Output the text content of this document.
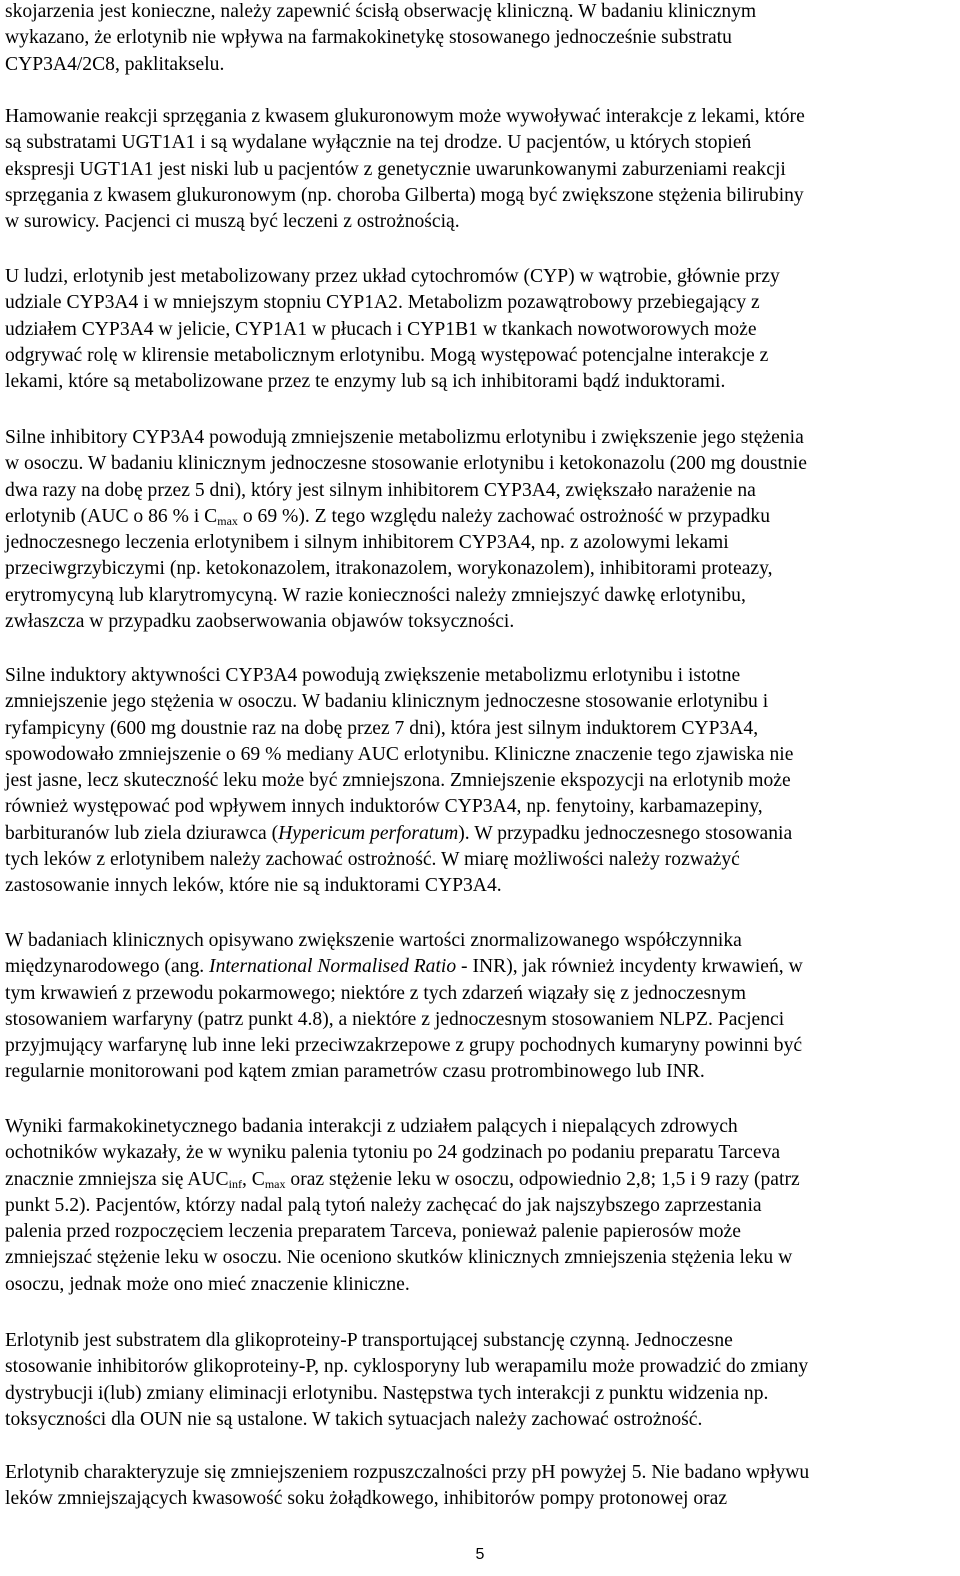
skojarzenia jest konieczne, należy zapewnić ścisłą obserwację kliniczną. W badaniu klinicznym
wykazano, że erlotynib nie wpływa na farmakokinetykę stosowanego jednocześnie substratu
CYP3A4/2C8, paklitakselu.

Hamowanie reakcji sprzęgania z kwasem glukuronowym może wywoływać interakcje z lekami, które
są substratami UGT1A1 i są wydalane wyłącznie na tej drodze. U pacjentów, u których stopień
ekspresji UGT1A1 jest niski lub u pacjentów z genetycznie uwarunkowanymi zaburzeniami reakcji
sprzęgania z kwasem glukuronowym (np. choroba Gilberta) mogą być zwiększone stężenia bilirubiny
w surowicy. Pacjenci ci muszą być leczeni z ostrożnością.

U ludzi, erlotynib jest metabolizowany przez układ cytochromów (CYP) w wątrobie, głównie przy
udziale CYP3A4 i w mniejszym stopniu CYP1A2. Metabolizm pozawątrobowy przebiegający z
udziałem CYP3A4 w jelicie, CYP1A1 w płucach i CYP1B1 w tkankach nowotworowych może
odgrywać rolę w klirensie metabolicznym erlotynibu. Mogą występować potencjalne interakcje z
lekami, które są metabolizowane przez te enzymy lub są ich inhibitorami bądź induktorami.

Silne inhibitory CYP3A4 powodują zmniejszenie metabolizmu erlotynibu i zwiększenie jego stężenia
w osoczu. W badaniu klinicznym jednoczesne stosowanie erlotynibu i ketokonazolu (200 mg doustnie
dwa razy na dobę przez 5 dni), który jest silnym inhibitorem CYP3A4, zwiększało narażenie na
erlotynib (AUC o 86 % i $C_{max}$ o 69 %). Z tego względu należy zachować ostrożność w przypadku
jednoczesnego leczenia erlotynibem i silnym inhibitorem CYP3A4, np. z azolowymi lekami
przeciwgrzybiczymi (np. ketokonazolem, itrakonazolem, worykonazolem), inhibitorami proteazy,
erytromycyną lub klarytromycyną. W razie konieczności należy zmniejszyć dawkę erlotynibu,
zwłaszcza w przypadku zaobserwowania objawów toksyczności.

Silne induktory aktywności CYP3A4 powodują zwiększenie metabolizmu erlotynibu i istotne
zmniejszenie jego stężenia w osoczu. W badaniu klinicznym jednoczesne stosowanie erlotynibu i
ryfampicyny (600 mg doustnie raz na dobę przez 7 dni), która jest silnym induktorem CYP3A4,
spowodowało zmniejszenie o 69 % mediany AUC erlotynibu. Kliniczne znaczenie tego zjawiska nie
jest jasne, lecz skuteczność leku może być zmniejszona. Zmniejszenie ekspozycji na erlotynib może
również występować pod wpływem innych induktorów CYP3A4, np. fenytoiny, karbamazepiny,
barbituranów lub ziela dziurawca (Hypericum perforatum). W przypadku jednoczesnego stosowania
tych leków z erlotynibem należy zachować ostrożność. W miarę możliwości należy rozważyć
zastosowanie innych leków, które nie są induktorami CYP3A4.

W badaniach klinicznych opisywano zwiększenie wartości znormalizowanego współczynnika
międzynarodowego (ang. International Normalised Ratio - INR), jak również incydenty krwawień, w
tym krwawień z przewodu pokarmowego; niektóre z tych zdarzeń wiązały się z jednoczesnym
stosowaniem warfaryny (patrz punkt 4.8), a niektóre z jednoczesnym stosowaniem NLPZ. Pacjenci
przyjmujący warfarynę lub inne leki przeciwzakrzepowe z grupy pochodnych kumaryny powinni być
regularnie monitorowani pod kątem zmian parametrów czasu protrombinowego lub INR.

Wyniki farmakokinetycznego badania interakcji z udziałem palących i niepalących zdrowych
ochotników wykazały, że w wyniku palenia tytoniu po 24 godzinach po podaniu preparatu Tarceva
znacznie zmniejsza się $AUC_{inf}$, $C_{max}$ oraz stężenie leku w osoczu, odpowiednio 2,8; 1,5 i 9 razy (patrz
punkt 5.2). Pacjentów, którzy nadal palą tytoń należy zachęcać do jak najszybszego zaprzestania
palenia przed rozpoczęciem leczenia preparatem Tarceva, ponieważ palenie papierosów może
zmniejszać stężenie leku w osoczu. Nie oceniono skutków klinicznych zmniejszenia stężenia leku w
osoczu, jednak może ono mieć znaczenie kliniczne.

Erlotynib jest substratem dla glikoproteiny-P transportującej substancję czynną. Jednoczesne
stosowanie inhibitorów glikoproteiny-P, np. cyklosporyny lub werapamilu może prowadzić do zmiany
dystrybucji i(lub) zmiany eliminacji erlotynibu. Następstwa tych interakcji z punktu widzenia np.
toksyczności dla OUN nie są ustalone. W takich sytuacjach należy zachować ostrożność.

Erlotynib charakteryzuje się zmniejszeniem rozpuszczalności przy pH powyżej 5. Nie badano wpływu
leków zmniejszających kwasowość soku żołądkowego, inhibitorów pompy protonowej oraz

5
